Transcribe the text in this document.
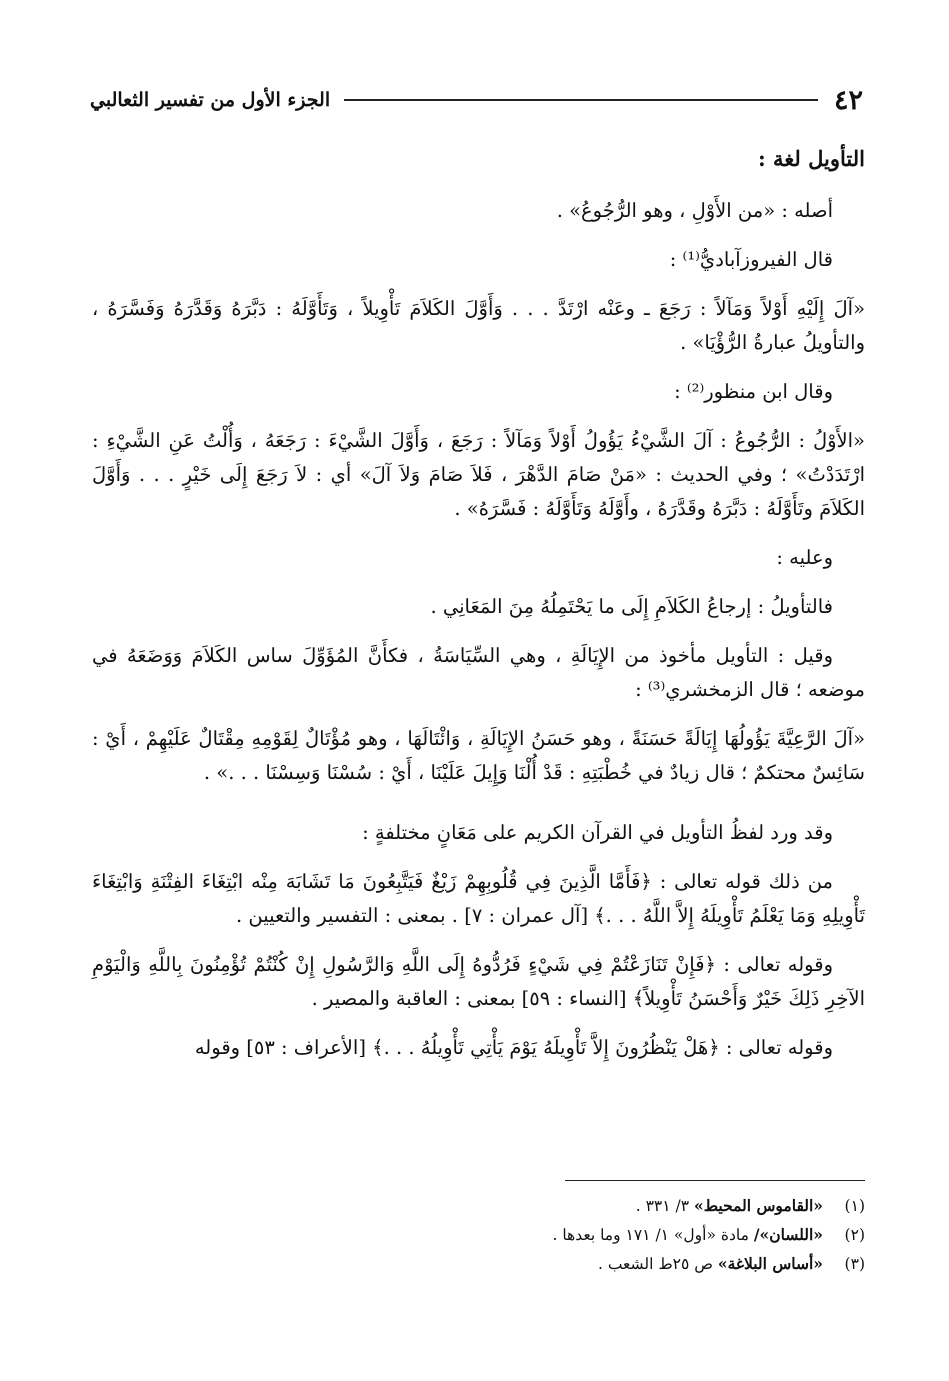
٤٢
الجزء الأول من تفسير الثعالبي

التأويل لغة :

أصله : «من الأَوْلِ ، وهو الرُّجُوعُ» .

قال الفيروزآباديُّ⁽¹⁾ :

«آلَ إِلَيْهِ أَوْلاً وَمَآلاً : رَجَعَ ـ وعَنْه ارْتَدَّ . . . وَأَوَّلَ الكَلاَمَ تَأْوِيلاً ، وَتَأَوَّلَهُ : دَبَّرَهُ وَقَدَّرَهُ وَفَسَّرَهُ ، والتأويلُ عبارةُ الرُّؤْيَا» .

وقال ابن منظور⁽²⁾ :

«الأَوْلُ : الرُّجُوعُ : آلَ الشَّيْءُ يَؤُولُ أَوْلاً وَمَآلاً : رَجَعَ ، وَأَوَّلَ الشَّيْءَ : رَجَعَهُ ، وَأُلْتُ عَنِ الشَّيْءِ : ارْتَدَدْتُ» ؛ وفي الحديث : «مَنْ صَامَ الدَّهْرَ ، فَلاَ صَامَ وَلاَ آلَ» أي : لاَ رَجَعَ إِلَى خَيْرٍ . . . وَأَوَّلَ الكَلاَمَ وتَأَوَّلَهُ : دَبَّرَهُ وقَدَّرَهُ ، وأَوَّلَهُ وَتَأَوَّلَهُ : فَسَّرَهُ» .

وعليه :

فالتأويلُ : إرجاعُ الكَلاَمِ إِلَى ما يَحْتَمِلُهُ مِنَ المَعَانِي .

وقيل : التأويل مأخوذ من الإِيَالَةِ ، وهي السِّيَاسَةُ ، فكأَنَّ المُؤَوِّلَ ساس الكَلاَمَ وَوَضَعَهُ في موضعه ؛ قال الزمخشري⁽³⁾ :

«آلَ الرَّعِيَّةَ يَؤُولُهَا إِيَالَةً حَسَنَةً ، وهو حَسَنُ الإِيَالَةِ ، وَائْتَالَهَا ، وهو مُؤْتَالٌ لِقَوْمِهِ مِقْتَالٌ عَلَيْهِمْ ، أَيْ : سَائِسٌ محتكمٌ ؛ قال زيادٌ في خُطْبَتِهِ : قَدْ أُلْنَا وَإِيلَ عَلَيْنَا ، أَيْ : سُسْنَا وَسِسْنَا . . .» .

وقد ورد لفظُ التأويل في القرآن الكريم على مَعَانٍ مختلفةٍ :

من ذلك قوله تعالى : ﴿فَأَمَّا الَّذِينَ فِي قُلُوبِهِمْ زَيْغٌ فَيَتَّبِعُونَ مَا تَشَابَهَ مِنْه ابْتِغَاءَ الفِتْنَةِ وَابْتِغَاءَ تَأْوِيلِهِ وَمَا يَعْلَمُ تَأْوِيلَهُ إِلاَّ اللَّهُ . . .﴾ [آل عمران : ٧] . بمعنى : التفسير والتعيين .

وقوله تعالى : ﴿فَإِنْ تَنَازَعْتُمْ فِي شَيْءٍ فَرُدُّوهُ إِلَى اللَّهِ وَالرَّسُولِ إِنْ كُنْتُمْ تُؤْمِنُونَ بِاللَّهِ وَالْيَوْمِ الآخِرِ ذَلِكَ خَيْرٌ وَأَحْسَنُ تَأْوِيلاً﴾ [النساء : ٥٩] بمعنى : العاقبة والمصير .

وقوله تعالى : ﴿هَلْ يَنْظُرُونَ إِلاَّ تَأْوِيلَهُ يَوْمَ يَأْتِي تَأْوِيلُهُ . . .﴾ [الأعراف : ٥٣] وقوله

(١)«القاموس المحيط» ٣/ ٣٣١ .
(٢)«اللسان»/ مادة «أول» ١/ ١٧١ وما بعدها .
(٣)«أساس البلاغة» ص ٢٥ط الشعب .
